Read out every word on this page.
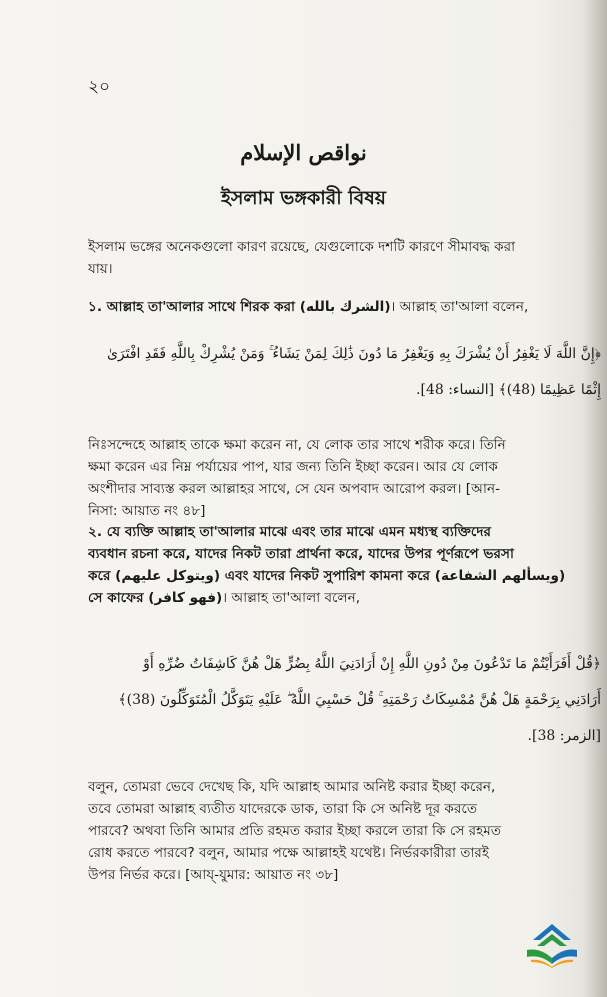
২০
نواقص الإسلام
ইসলাম ভঙ্গকারী বিষয়
ইসলাম ভঙ্গের অনেকগুলো কারণ রয়েছে, যেগুলোকে দশটি কারণে সীমাবদ্ধ করা
যায়।
১. আল্লাহ তা'আলার সাথে শিরক করা (الشرك بالله)। আল্লাহ তা'আলা বলেন,
﴿إِنَّ اللَّهَ لَا يَغْفِرُ أَنْ يُشْرَكَ بِهِ وَيَغْفِرُ مَا دُونَ ذَٰلِكَ لِمَنْ يَشَاءُ ۚ وَمَنْ يُشْرِكْ بِاللَّهِ فَقَدِ افْتَرَىٰ
إِثْمًا عَظِيمًا (48)﴾ [النساء: 48].
নিঃসন্দেহে আল্লাহ তাকে ক্ষমা করেন না, যে লোক তার সাথে শরীক করে। তিনি
ক্ষমা করেন এর নিম্ন পর্যায়ের পাপ, যার জন্য তিনি ইচ্ছা করেন। আর যে লোক
অংশীদার সাব্যস্ত করল আল্লাহর সাথে, সে যেন অপবাদ আরোপ করল। [আন-
নিসা: আয়াত নং ৪৮]
২. যে ব্যক্তি আল্লাহ তা'আলার মাঝে এবং তার মাঝে এমন মধ্যস্থ ব্যক্তিদের
ব্যবধান রচনা করে, যাদের নিকট তারা প্রার্থনা করে, যাদের উপর পূর্ণরূপে ভরসা
করে (ويتوكل عليهم) এবং যাদের নিকট সুপারিশ কামনা করে (ويسألهم الشفاعة)
সে কাফের (فهو كافر)। আল্লাহ তা'আলা বলেন,
﴿قُلْ أَفَرَأَيْتُمْ مَا تَدْعُونَ مِنْ دُونِ اللَّهِ إِنْ أَرَادَنِيَ اللَّهُ بِضُرٍّ هَلْ هُنَّ كَاشِفَاتُ ضُرِّهِ أَوْ
أَرَادَنِي بِرَحْمَةٍ هَلْ هُنَّ مُمْسِكَاتُ رَحْمَتِهِ ۚ قُلْ حَسْبِيَ اللَّهُ ۖ عَلَيْهِ يَتَوَكَّلُ الْمُتَوَكِّلُونَ (38)﴾
[الزمر: 38].
বলুন, তোমরা ভেবে দেখেছ কি, যদি আল্লাহ আমার অনিষ্ট করার ইচ্ছা করেন,
তবে তোমরা আল্লাহ ব্যতীত যাদেরকে ডাক, তারা কি সে অনিষ্ট দূর করতে
পারবে? অথবা তিনি আমার প্রতি রহমত করার ইচ্ছা করলে তারা কি সে রহমত
রোধ করতে পারবে? বলুন, আমার পক্ষে আল্লাহই যথেষ্ট। নির্ভরকারীরা তারই
উপর নির্ভর করে। [আয্-যুমার: আয়াত নং ৩৮]
